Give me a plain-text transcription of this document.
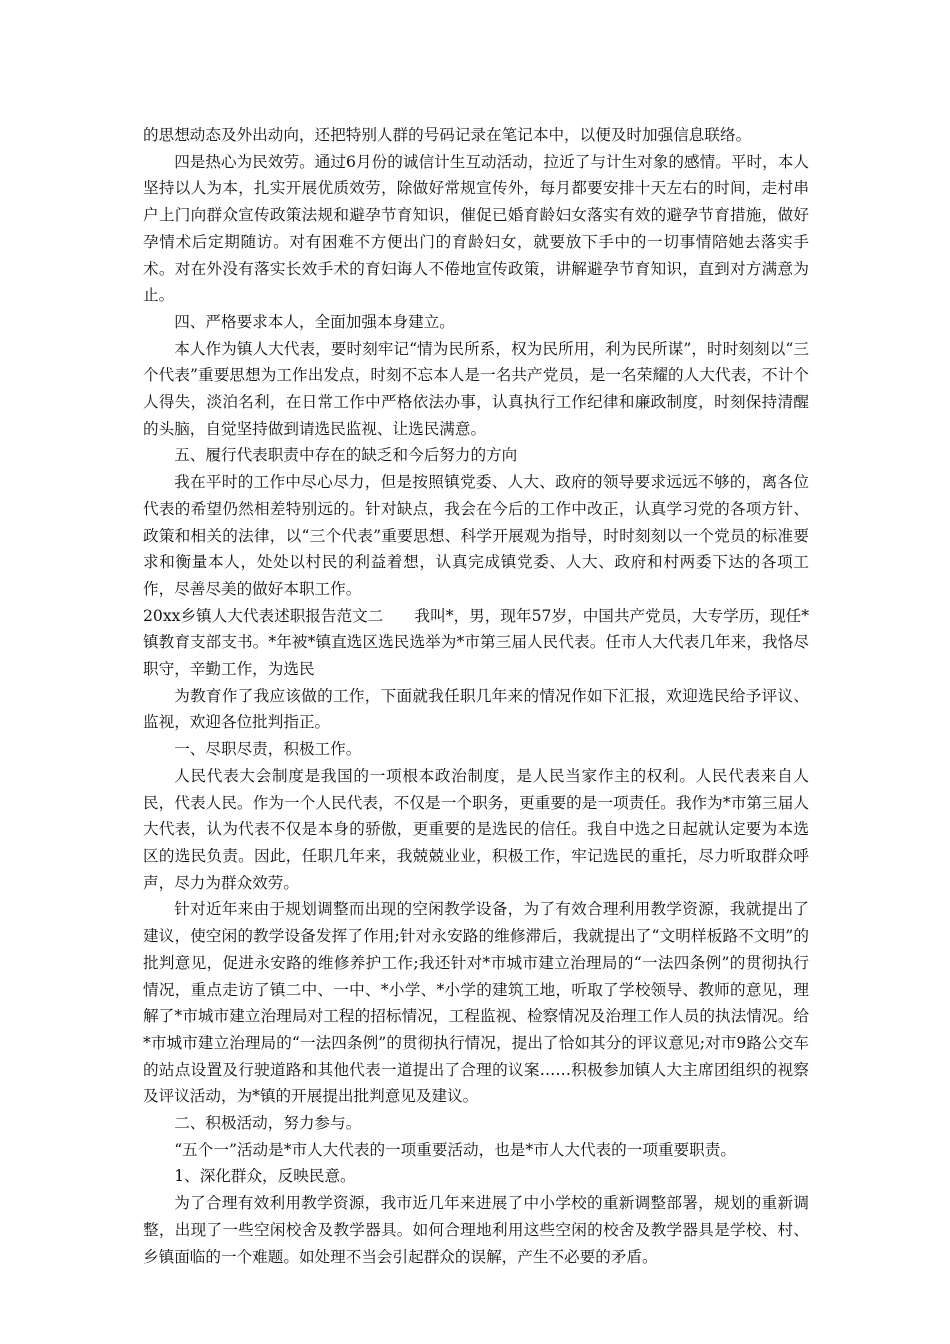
的思想动态及外出动向，还把特别人群的号码记录在笔记本中，以便及时加强信息联络。

四是热心为民效劳。通过6月份的诚信计生互动活动，拉近了与计生对象的感情。平时，本人坚持以人为本，扎实开展优质效劳，除做好常规宣传外，每月都要安排十天左右的时间，走村串户上门向群众宣传政策法规和避孕节育知识，催促已婚育龄妇女落实有效的避孕节育措施，做好孕情术后定期随访。对有困难不方便出门的育龄妇女，就要放下手中的一切事情陪她去落实手术。对在外没有落实长效手术的育妇诲人不倦地宣传政策，讲解避孕节育知识，直到对方满意为止。

四、严格要求本人，全面加强本身建立。

本人作为镇人大代表，要时刻牢记“情为民所系，权为民所用，利为民所谋”，时时刻刻以“三个代表”重要思想为工作出发点，时刻不忘本人是一名共产党员，是一名荣耀的人大代表，不计个人得失，淡泊名利，在日常工作中严格依法办事，认真执行工作纪律和廉政制度，时刻保持清醒的头脑，自觉坚持做到请选民监视、让选民满意。

五、履行代表职责中存在的缺乏和今后努力的方向

我在平时的工作中尽心尽力，但是按照镇党委、人大、政府的领导要求远远不够的，离各位代表的希望仍然相差特别远的。针对缺点，我会在今后的工作中改正，认真学习党的各项方针、政策和相关的法律，以“三个代表”重要思想、科学开展观为指导，时时刻刻以一个党员的标准要求和衡量本人，处处以村民的利益着想，认真完成镇党委、人大、政府和村两委下达的各项工作，尽善尽美的做好本职工作。

20xx乡镇人大代表述职报告范文二 我叫*，男，现年57岁，中国共产党员，大专学历，现任*镇教育支部支书。*年被*镇直选区选民选举为*市第三届人民代表。任市人大代表几年来，我恪尽职守，辛勤工作，为选民

为教育作了我应该做的工作，下面就我任职几年来的情况作如下汇报，欢迎选民给予评议、监视，欢迎各位批判指正。

一、尽职尽责，积极工作。

人民代表大会制度是我国的一项根本政治制度，是人民当家作主的权利。人民代表来自人民，代表人民。作为一个人民代表，不仅是一个职务，更重要的是一项责任。我作为*市第三届人大代表，认为代表不仅是本身的骄傲，更重要的是选民的信任。我自中选之日起就认定要为本选区的选民负责。因此，任职几年来，我兢兢业业，积极工作，牢记选民的重托，尽力听取群众呼声，尽力为群众效劳。

针对近年来由于规划调整而出现的空闲教学设备，为了有效合理利用教学资源，我就提出了建议，使空闲的教学设备发挥了作用;针对永安路的维修滞后，我就提出了“文明样板路不文明”的批判意见，促进永安路的维修养护工作;我还针对*市城市建立治理局的“一法四条例”的贯彻执行情况，重点走访了镇二中、一中、*小学、*小学的建筑工地，听取了学校领导、教师的意见，理解了*市城市建立治理局对工程的招标情况，工程监视、检察情况及治理工作人员的执法情况。给*市城市建立治理局的“一法四条例”的贯彻执行情况，提出了恰如其分的评议意见;对市9路公交车的站点设置及行驶道路和其他代表一道提出了合理的议案……积极参加镇人大主席团组织的视察及评议活动，为*镇的开展提出批判意见及建议。

二、积极活动，努力参与。

“五个一”活动是*市人大代表的一项重要活动，也是*市人大代表的一项重要职责。

1、深化群众，反映民意。

为了合理有效利用教学资源，我市近几年来进展了中小学校的重新调整部署，规划的重新调整，出现了一些空闲校舍及教学器具。如何合理地利用这些空闲的校舍及教学器具是学校、村、乡镇面临的一个难题。如处理不当会引起群众的误解，产生不必要的矛盾。
